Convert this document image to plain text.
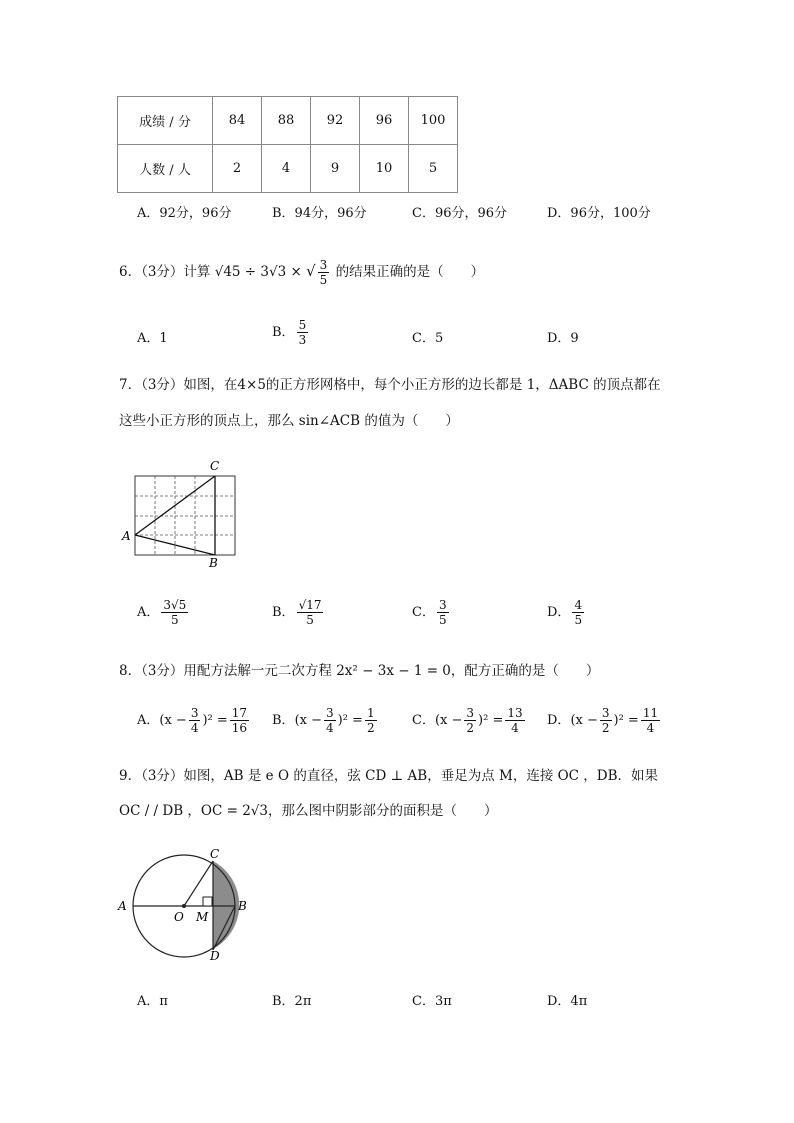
成绩 / 分	84	88	92	96	100
人数 / 人	2	4	9	10	5
A．92分，96分	B．94分，96分	C．96分，96分	D．96分，100分
6．（3分）计算 √45 ÷ 3√3 × √ $\frac{3}{5}$ 的结果正确的是（　　）
A．1	B． $\frac{5}{3}$	C．5	D．9
7．（3分）如图，在4×5的正方形网格中，每个小正方形的边长都是 1，ΔABC 的顶点都在
这些小正方形的顶点上，那么 sin∠ACB 的值为（　　）
A
C
B
A． $\frac{3√5}{5}$	B． $\frac{√17}{5}$	C． $\frac{3}{5}$	D． $\frac{4}{5}$
8．（3分）用配方法解一元二次方程 2x² − 3x − 1 = 0，配方正确的是（　　）
A．$(x - \frac{3}{4} )^2 = \frac{17}{16}$ B．$(x - \frac{3}{4} )^2 = \frac{1}{2}$	C．$(x - \frac{3}{2} )^2 = \frac{13}{4}$ D．$(x - \frac{3}{2} )^2 = \frac{11}{4}$
9．（3分）如图，AB 是 e O 的直径，弦 CD ⊥ AB，垂足为点 M，连接 OC ，DB．如果
OC / / DB ，OC = 2√3，那么图中阴影部分的面积是（　　）
A	B
C
D
O M
A．π	B．2π	C．3π	D．4π
